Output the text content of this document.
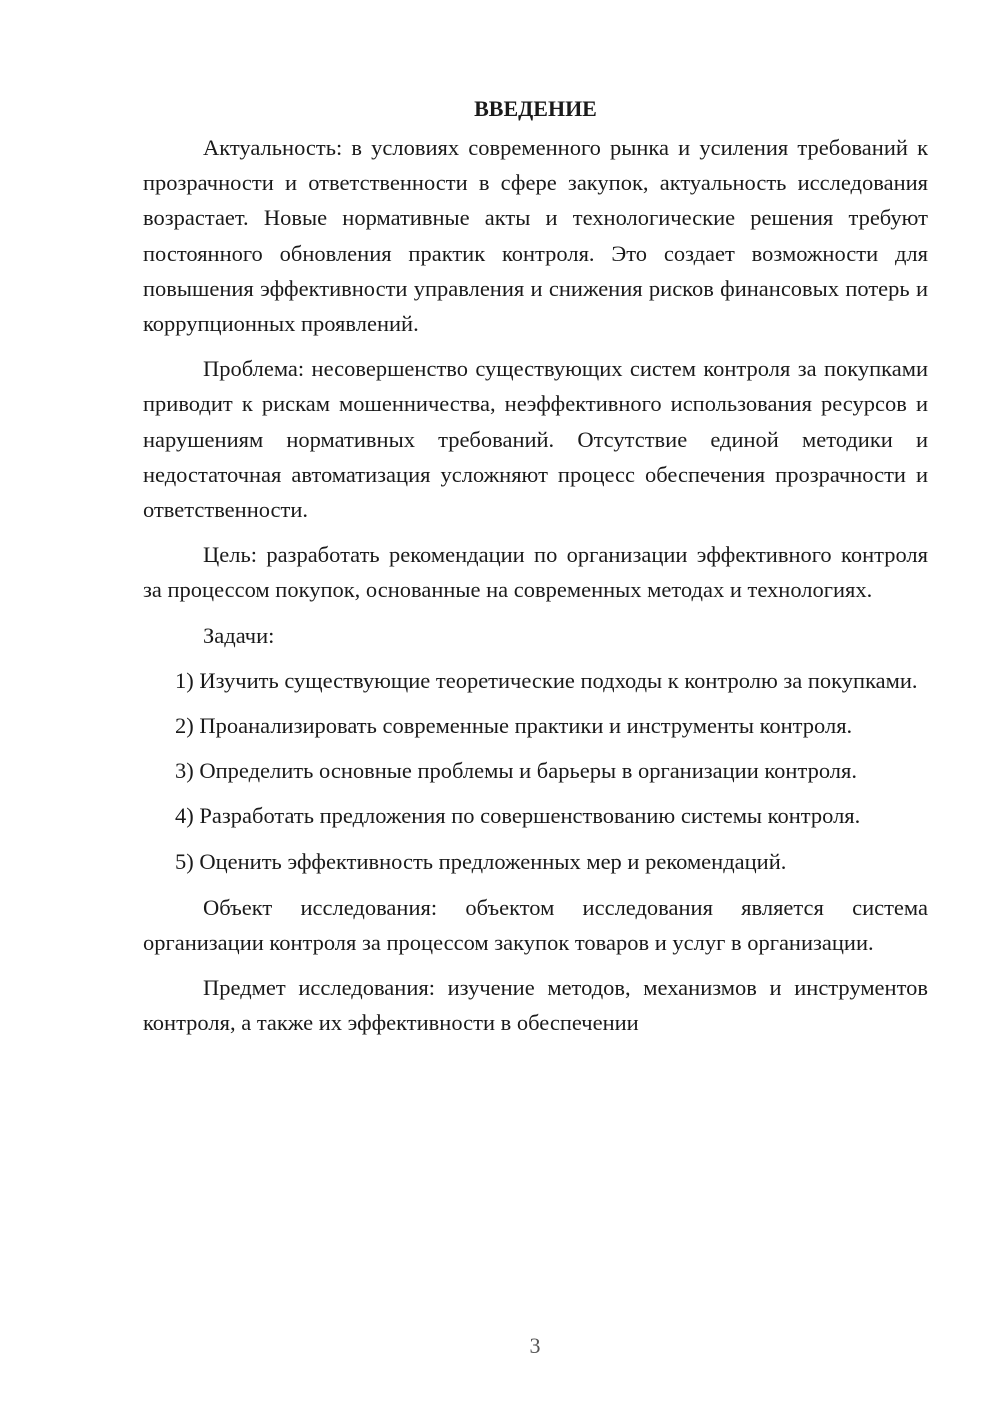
ВВЕДЕНИЕ

Актуальность: в условиях современного рынка и усиления требований к прозрачности и ответственности в сфере закупок, актуальность исследования возрастает. Новые нормативные акты и технологические решения требуют постоянного обновления практик контроля. Это создает возможности для повышения эффективности управления и снижения рисков финансовых потерь и коррупционных проявлений.

Проблема: несовершенство существующих систем контроля за покупками приводит к рискам мошенничества, неэффективного использования ресурсов и нарушениям нормативных требований. Отсутствие единой методики и недостаточная автоматизация усложняют процесс обеспечения прозрачности и ответственности.

Цель: разработать рекомендации по организации эффективного контроля за процессом покупок, основанные на современных методах и технологиях.

Задачи:

1) Изучить существующие теоретические подходы к контролю за покупками.

2) Проанализировать современные практики и инструменты контроля.

3) Определить основные проблемы и барьеры в организации контроля.

4) Разработать предложения по совершенствованию системы контроля.

5) Оценить эффективность предложенных мер и рекомендаций.

Объект исследования: объектом исследования является система организации контроля за процессом закупок товаров и услуг в организации.

Предмет исследования: изучение методов, механизмов и инструментов контроля, а также их эффективности в обеспечении

3
